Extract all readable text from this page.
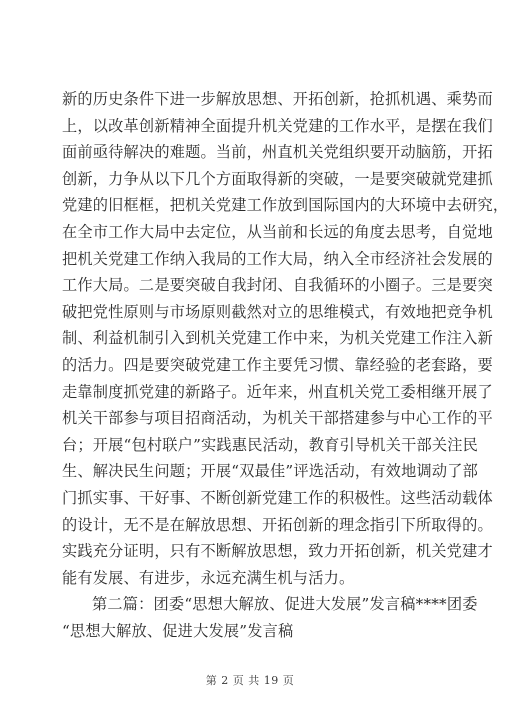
新的历史条件下进一步解放思想、开拓创新，抢抓机遇、乘势而
上，以改革创新精神全面提升机关党建的工作水平，是摆在我们
面前亟待解决的难题。当前，州直机关党组织要开动脑筋，开拓
创新，力争从以下几个方面取得新的突破，一是要突破就党建抓
党建的旧框框，把机关党建工作放到国际国内的大环境中去研究，
在全市工作大局中去定位，从当前和长远的角度去思考，自觉地
把机关党建工作纳入我局的工作大局，纳入全市经济社会发展的
工作大局。二是要突破自我封闭、自我循环的小圈子。三是要突
破把党性原则与市场原则截然对立的思维模式，有效地把竞争机
制、利益机制引入到机关党建工作中来，为机关党建工作注入新
的活力。四是要突破党建工作主要凭习惯、靠经验的老套路，要
走靠制度抓党建的新路子。近年来，州直机关党工委相继开展了
机关干部参与项目招商活动，为机关干部搭建参与中心工作的平
台；开展“包村联户”实践惠民活动，教育引导机关干部关注民
生、解决民生问题；开展“双最佳”评选活动，有效地调动了部
门抓实事、干好事、不断创新党建工作的积极性。这些活动载体
的设计，无不是在解放思想、开拓创新的理念指引下所取得的。
实践充分证明，只有不断解放思想，致力开拓创新，机关党建才
能有发展、有进步，永远充满生机与活力。
第二篇：团委“思想大解放、促进大发展”发言稿****团委
“思想大解放、促进大发展”发言稿
第 2 页 共 19 页
